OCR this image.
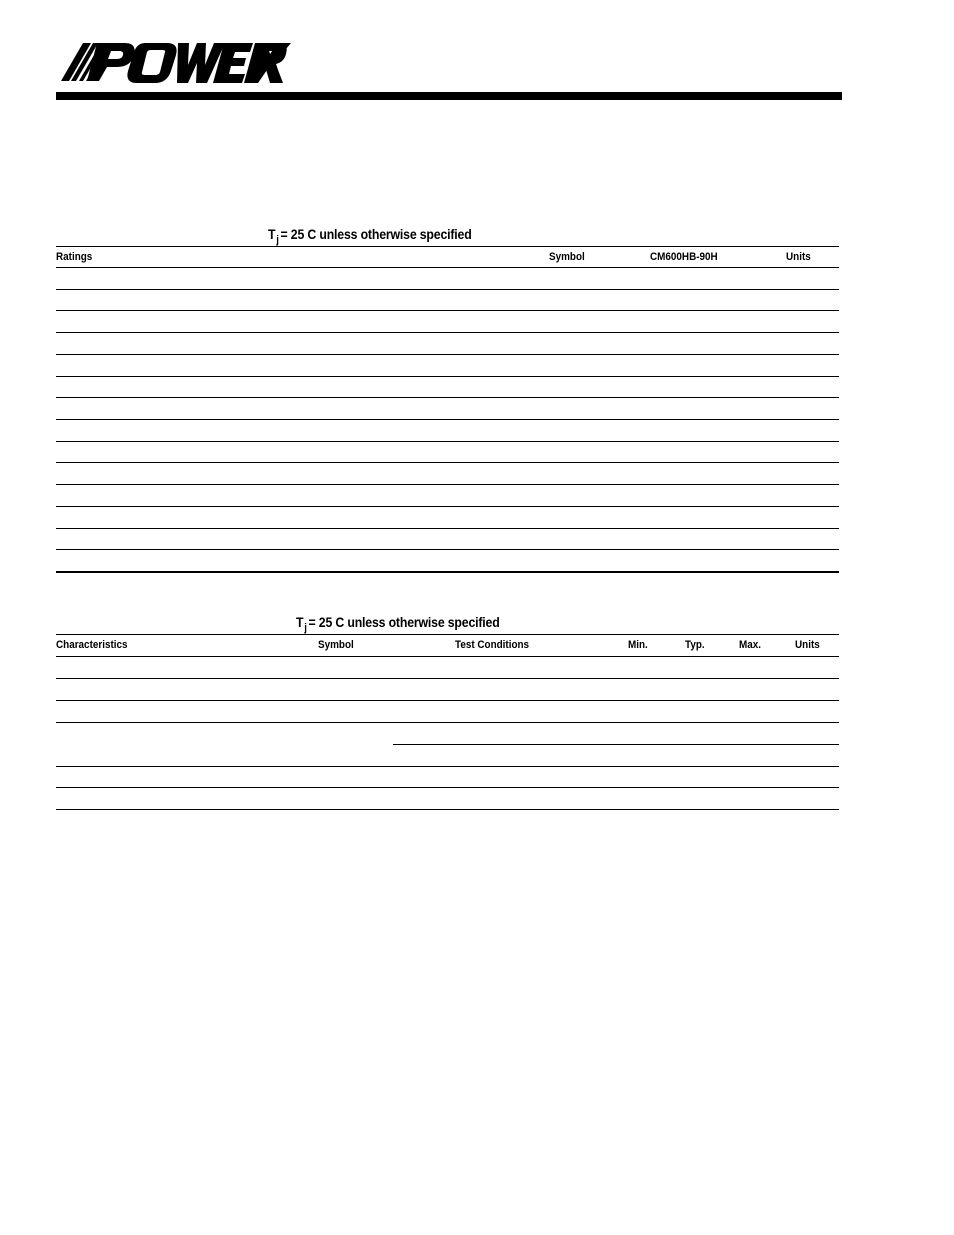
$T_j = 25$ C unless otherwise specified
Ratings	Symbol	CM600HB-90H	Units
$T_j = 25$ C unless otherwise specified
Characteristics	Symbol	Test Conditions	Min.	Typ.	Max.	Units
